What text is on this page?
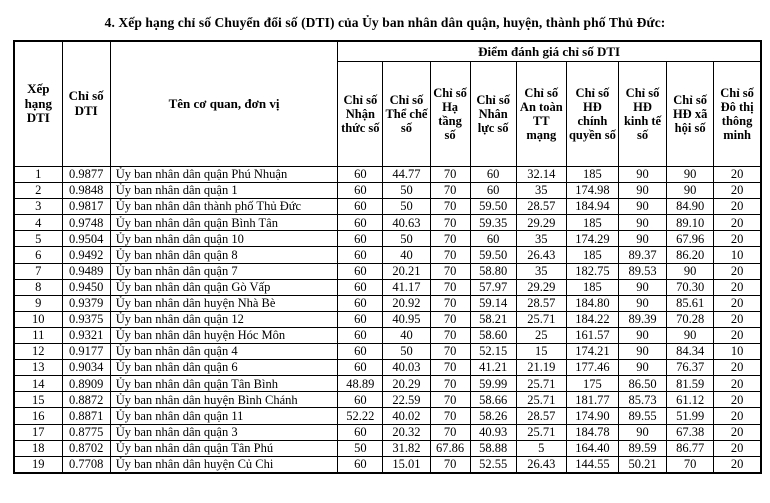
4. Xếp hạng chỉ số Chuyển đổi số (DTI) của Ủy ban nhân dân quận, huyện, thành phố Thủ Đức:
Xếp hạng DTI	Chỉ số DTI	Tên cơ quan, đơn vị	Điểm đánh giá chỉ số DTI								
			Chỉ số Nhận thức số	Chỉ số Thể chế số	Chỉ số Hạ tầng số	Chỉ số Nhân lực số	Chỉ số An toàn TT mạng	Chỉ số HĐ chính quyền số	Chỉ số HĐ kinh tế số	Chỉ số HĐ xã hội số	Chỉ số Đô thị thông minh
1	0.9877	Ủy ban nhân dân quận Phú Nhuận	60	44.77	70	60	32.14	185	90	90	20
2	0.9848	Ủy ban nhân dân quận 1	60	50	70	60	35	174.98	90	90	20
3	0.9817	Ủy ban nhân dân thành phố Thủ Đức	60	50	70	59.50	28.57	184.94	90	84.90	20
4	0.9748	Ủy ban nhân dân quận Bình Tân	60	40.63	70	59.35	29.29	185	90	89.10	20
5	0.9504	Ủy ban nhân dân quận 10	60	50	70	60	35	174.29	90	67.96	20
6	0.9492	Ủy ban nhân dân quận 8	60	40	70	59.50	26.43	185	89.37	86.20	10
7	0.9489	Ủy ban nhân dân quận 7	60	20.21	70	58.80	35	182.75	89.53	90	20
8	0.9450	Ủy ban nhân dân quận Gò Vấp	60	41.17	70	57.97	29.29	185	90	70.30	20
9	0.9379	Ủy ban nhân dân huyện Nhà Bè	60	20.92	70	59.14	28.57	184.80	90	85.61	20
10	0.9375	Ủy ban nhân dân quận 12	60	40.95	70	58.21	25.71	184.22	89.39	70.28	20
11	0.9321	Ủy ban nhân dân huyện Hóc Môn	60	40	70	58.60	25	161.57	90	90	20
12	0.9177	Ủy ban nhân dân quận 4	60	50	70	52.15	15	174.21	90	84.34	10
13	0.9034	Ủy ban nhân dân quận 6	60	40.03	70	41.21	21.19	177.46	90	76.37	20
14	0.8909	Ủy ban nhân dân quận Tân Bình	48.89	20.29	70	59.99	25.71	175	86.50	81.59	20
15	0.8872	Ủy ban nhân dân huyện Bình Chánh	60	22.59	70	58.66	25.71	181.77	85.73	61.12	20
16	0.8871	Ủy ban nhân dân quận 11	52.22	40.02	70	58.26	28.57	174.90	89.55	51.99	20
17	0.8775	Ủy ban nhân dân quận 3	60	20.32	70	40.93	25.71	184.78	90	67.38	20
18	0.8702	Ủy ban nhân dân quận Tân Phú	50	31.82	67.86	58.88	5	164.40	89.59	86.77	20
19	0.7708	Ủy ban nhân dân huyện Củ Chi	60	15.01	70	52.55	26.43	144.55	50.21	70	20
